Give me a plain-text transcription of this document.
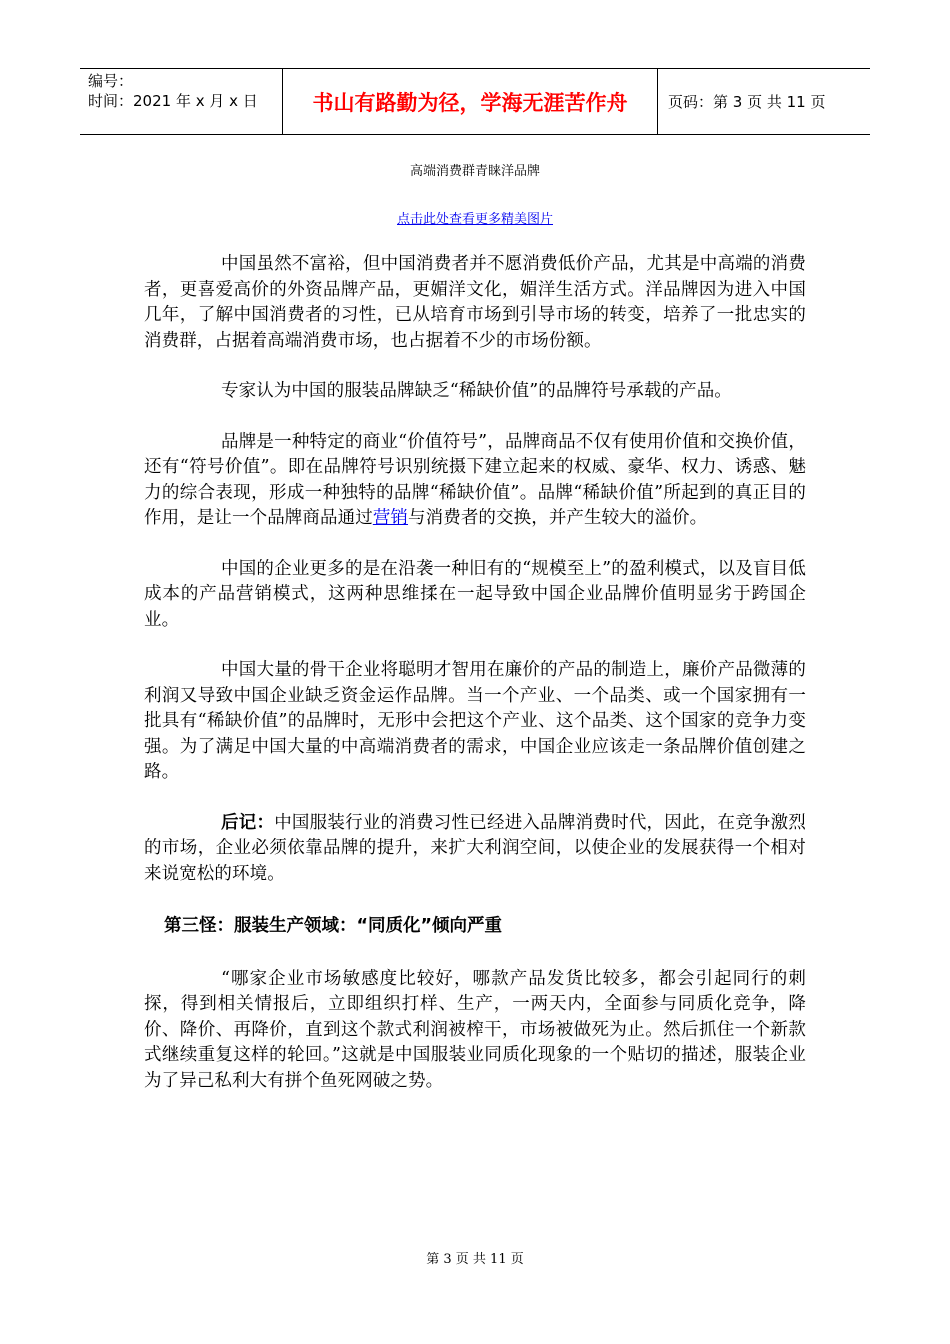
编号：
时间：2021 年 x 月 x 日	书山有路勤为径，学海无涯苦作舟	页码：第 3 页 共 11 页
高端消费群青睐洋品牌
点击此处查看更多精美图片

中国虽然不富裕，但中国消费者并不愿消费低价产品，尤其是中高端的消费者，更喜爱高价的外资品牌产品，更媚洋文化，媚洋生活方式。洋品牌因为进入中国几年，了解中国消费者的习性，已从培育市场到引导市场的转变，培养了一批忠实的消费群，占据着高端消费市场，也占据着不少的市场份额。

专家认为中国的服装品牌缺乏“稀缺价值”的品牌符号承载的产品。

品牌是一种特定的商业“价值符号”，品牌商品不仅有使用价值和交换价值，还有“符号价值”。即在品牌符号识别统摄下建立起来的权威、豪华、权力、诱惑、魅力的综合表现，形成一种独特的品牌“稀缺价值”。品牌“稀缺价值”所起到的真正目的作用，是让一个品牌商品通过营销与消费者的交换，并产生较大的溢价。

中国的企业更多的是在沿袭一种旧有的“规模至上”的盈利模式，以及盲目低成本的产品营销模式，这两种思维揉在一起导致中国企业品牌价值明显劣于跨国企业。

中国大量的骨干企业将聪明才智用在廉价的产品的制造上，廉价产品微薄的利润又导致中国企业缺乏资金运作品牌。当一个产业、一个品类、或一个国家拥有一批具有“稀缺价值”的品牌时，无形中会把这个产业、这个品类、这个国家的竞争力变强。为了满足中国大量的中高端消费者的需求，中国企业应该走一条品牌价值创建之路。

后记：中国服装行业的消费习性已经进入品牌消费时代，因此，在竞争激烈的市场，企业必须依靠品牌的提升，来扩大利润空间，以使企业的发展获得一个相对来说宽松的环境。

第三怪：服装生产领域：“同质化”倾向严重

“哪家企业市场敏感度比较好，哪款产品发货比较多，都会引起同行的刺探，得到相关情报后，立即组织打样、生产，一两天内，全面参与同质化竞争，降价、降价、再降价，直到这个款式利润被榨干，市场被做死为止。然后抓住一个新款式继续重复这样的轮回。”这就是中国服装业同质化现象的一个贴切的描述，服装企业为了异己私利大有拼个鱼死网破之势。

第 3 页 共 11 页
